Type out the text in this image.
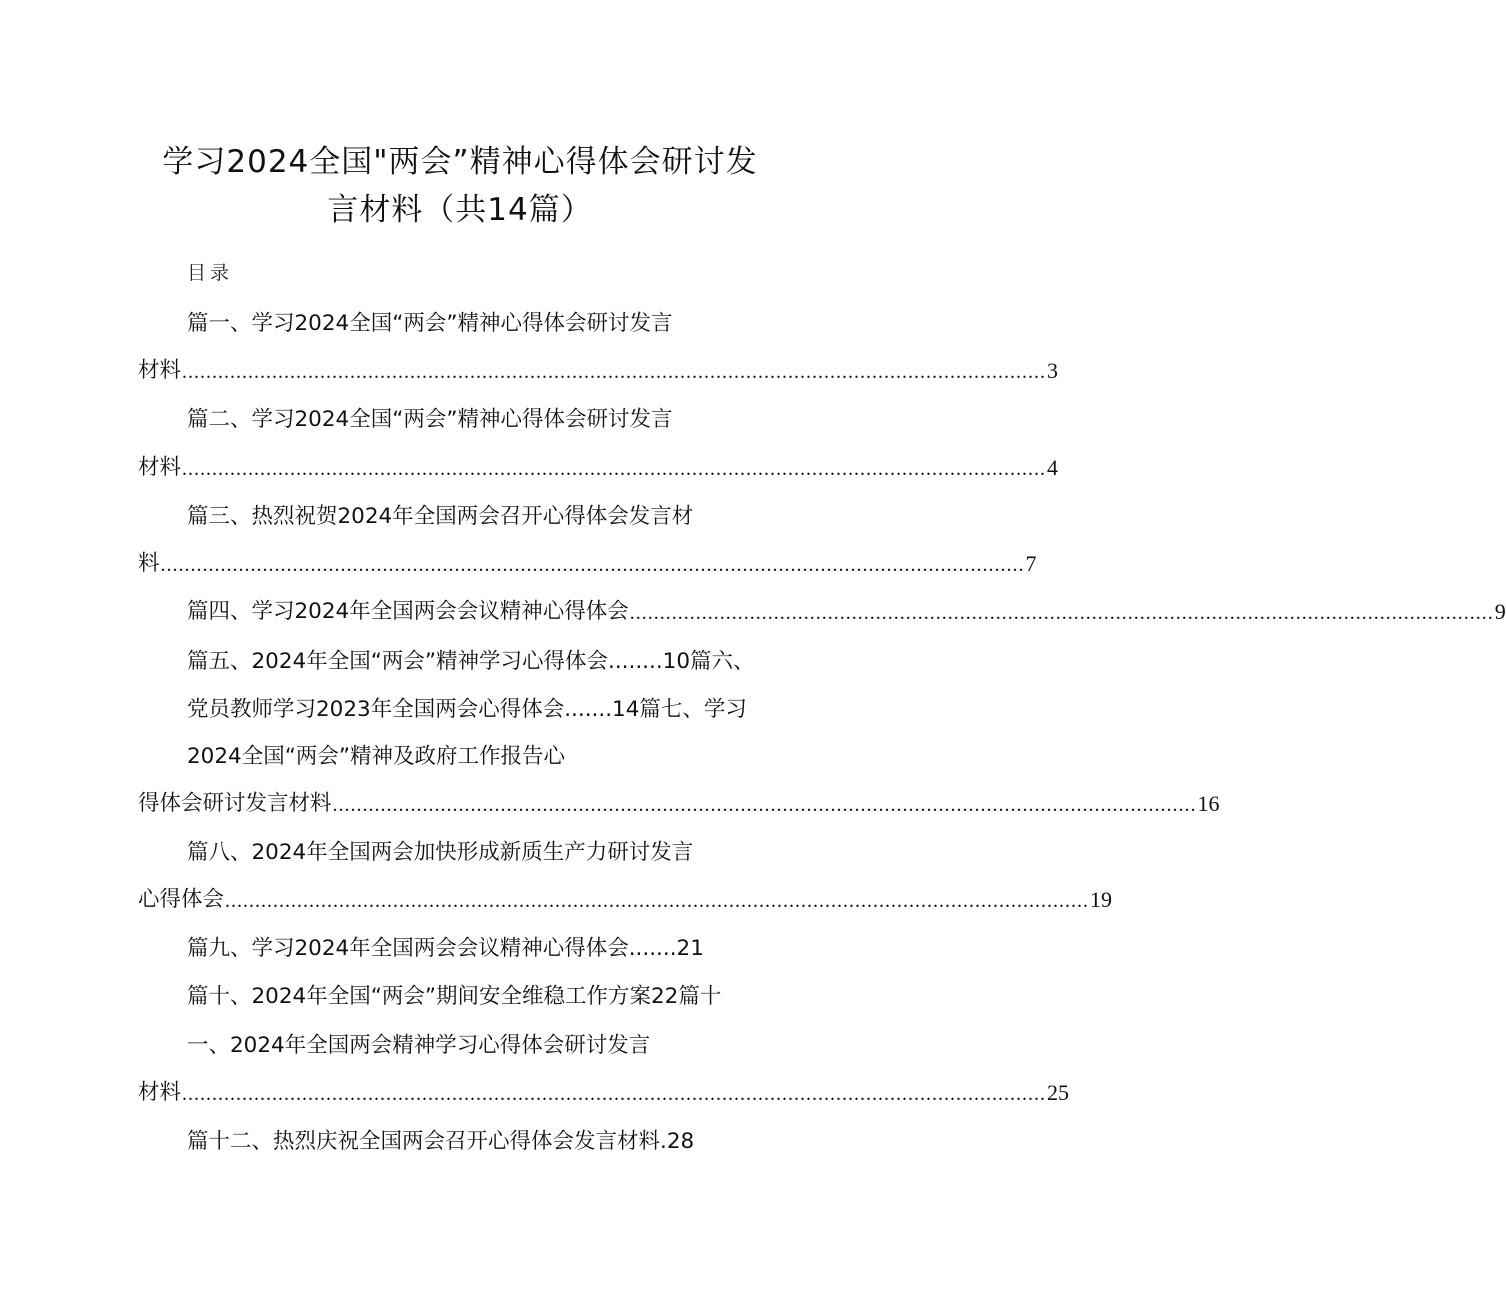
学习2024全国"两会”精神心得体会研讨发
言材料（共14篇）
目录
篇一、学习2024全国“两会”精神心得体会研讨发言
材料 ................................................................................................................................................ 3
篇二、学习2024全国“两会”精神心得体会研讨发言
材料 ................................................................................................................................................ 4
篇三、热烈祝贺2024年全国两会召开心得体会发言材
料 ................................................................................................................................................ 7
篇四、学习2024年全国两会会议精神心得体会 ................................................................................................................................................ 9
篇五、2024年全国“两会”精神学习心得体会........10篇六、
党员教师学习2023年全国两会心得体会.......14篇七、学习
2024全国“两会”精神及政府工作报告心
得体会研讨发言材料 ................................................................................................................................................ 16
篇八、2024年全国两会加快形成新质生产力研讨发言
心得体会 ................................................................................................................................................ 19
篇九、学习2024年全国两会会议精神心得体会.......21
篇十、2024年全国“两会”期间安全维稳工作方案22篇十
一、2024年全国两会精神学习心得体会研讨发言
材料 ................................................................................................................................................ 25
篇十二、热烈庆祝全国两会召开心得体会发言材料.28
